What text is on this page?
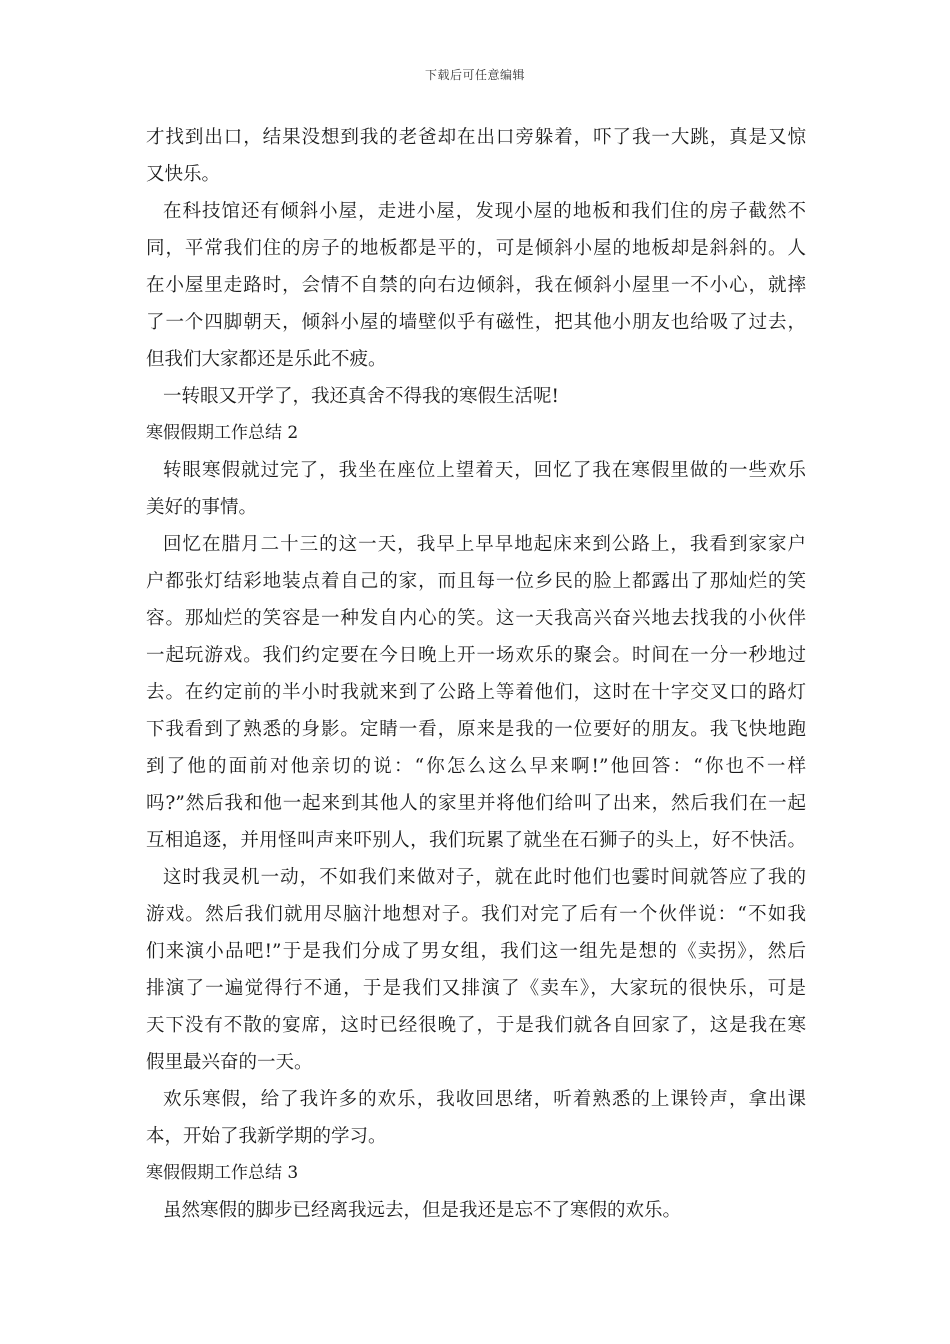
下载后可任意编辑
才找到出口，结果没想到我的老爸却在出口旁躲着，吓了我一大跳，真是又惊
又快乐。
在科技馆还有倾斜小屋，走进小屋，发现小屋的地板和我们住的房子截然不
同，平常我们住的房子的地板都是平的，可是倾斜小屋的地板却是斜斜的。人
在小屋里走路时，会情不自禁的向右边倾斜，我在倾斜小屋里一不小心，就摔
了一个四脚朝天，倾斜小屋的墙壁似乎有磁性，把其他小朋友也给吸了过去，
但我们大家都还是乐此不疲。
一转眼又开学了，我还真舍不得我的寒假生活呢!
寒假假期工作总结 2
转眼寒假就过完了，我坐在座位上望着天，回忆了我在寒假里做的一些欢乐
美好的事情。
回忆在腊月二十三的这一天，我早上早早地起床来到公路上，我看到家家户
户都张灯结彩地装点着自己的家，而且每一位乡民的脸上都露出了那灿烂的笑
容。那灿烂的笑容是一种发自内心的笑。这一天我高兴奋兴地去找我的小伙伴
一起玩游戏。我们约定要在今日晚上开一场欢乐的聚会。时间在一分一秒地过
去。在约定前的半小时我就来到了公路上等着他们，这时在十字交叉口的路灯
下我看到了熟悉的身影。定睛一看，原来是我的一位要好的朋友。我飞快地跑
到了他的面前对他亲切的说：“你怎么这么早来啊!”他回答：“你也不一样
吗?”然后我和他一起来到其他人的家里并将他们给叫了出来，然后我们在一起
互相追逐，并用怪叫声来吓别人，我们玩累了就坐在石狮子的头上，好不快活。
这时我灵机一动，不如我们来做对子，就在此时他们也霎时间就答应了我的
游戏。然后我们就用尽脑汁地想对子。我们对完了后有一个伙伴说：“不如我
们来演小品吧!”于是我们分成了男女组，我们这一组先是想的《卖拐》，然后
排演了一遍觉得行不通，于是我们又排演了《卖车》，大家玩的很快乐，可是
天下没有不散的宴席，这时已经很晚了，于是我们就各自回家了，这是我在寒
假里最兴奋的一天。
欢乐寒假，给了我许多的欢乐，我收回思绪，听着熟悉的上课铃声，拿出课
本，开始了我新学期的学习。
寒假假期工作总结 3
虽然寒假的脚步已经离我远去，但是我还是忘不了寒假的欢乐。
